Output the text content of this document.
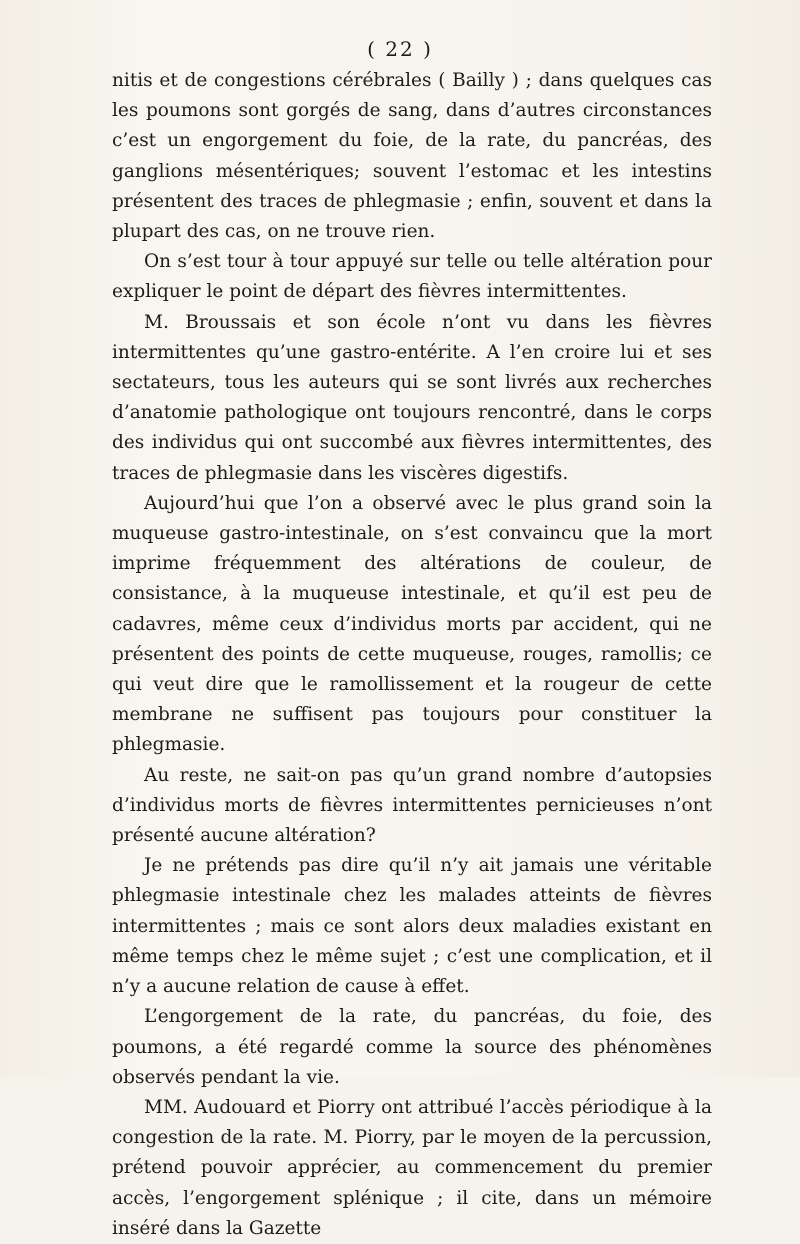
( 22 )

nitis et de congestions cérébrales ( Bailly ) ; dans quelques cas les poumons sont gorgés de sang, dans d’autres circonstances c’est un engorgement du foie, de la rate, du pancréas, des ganglions mésentériques; souvent l’estomac et les intestins présentent des traces de phlegmasie ; enfin, souvent et dans la plupart des cas, on ne trouve rien.

On s’est tour à tour appuyé sur telle ou telle altération pour expliquer le point de départ des fièvres intermittentes.

M. Broussais et son école n’ont vu dans les fièvres intermittentes qu’une gastro-entérite. A l’en croire lui et ses sectateurs, tous les auteurs qui se sont livrés aux recherches d’anatomie pathologique ont toujours rencontré, dans le corps des individus qui ont succombé aux fièvres intermittentes, des traces de phlegmasie dans les viscères digestifs.

Aujourd’hui que l’on a observé avec le plus grand soin la muqueuse gastro-intestinale, on s’est convaincu que la mort imprime fréquemment des altérations de couleur, de consistance, à la muqueuse intestinale, et qu’il est peu de cadavres, même ceux d’individus morts par accident, qui ne présentent des points de cette muqueuse, rouges, ramollis; ce qui veut dire que le ramollissement et la rougeur de cette membrane ne suffisent pas toujours pour constituer la phlegmasie.

Au reste, ne sait-on pas qu’un grand nombre d’autopsies d’individus morts de fièvres intermittentes pernicieuses n’ont présenté aucune altération?

Je ne prétends pas dire qu’il n’y ait jamais une véritable phlegmasie intestinale chez les malades atteints de fièvres intermittentes ; mais ce sont alors deux maladies existant en même temps chez le même sujet ; c’est une complication, et il n’y a aucune relation de cause à effet.

L’engorgement de la rate, du pancréas, du foie, des poumons, a été regardé comme la source des phénomènes observés pendant la vie.

MM. Audouard et Piorry ont attribué l’accès périodique à la congestion de la rate. M. Piorry, par le moyen de la percussion, prétend pouvoir apprécier, au commencement du premier accès, l’engorgement splénique ; il cite, dans un mémoire inséré dans la Gazette
